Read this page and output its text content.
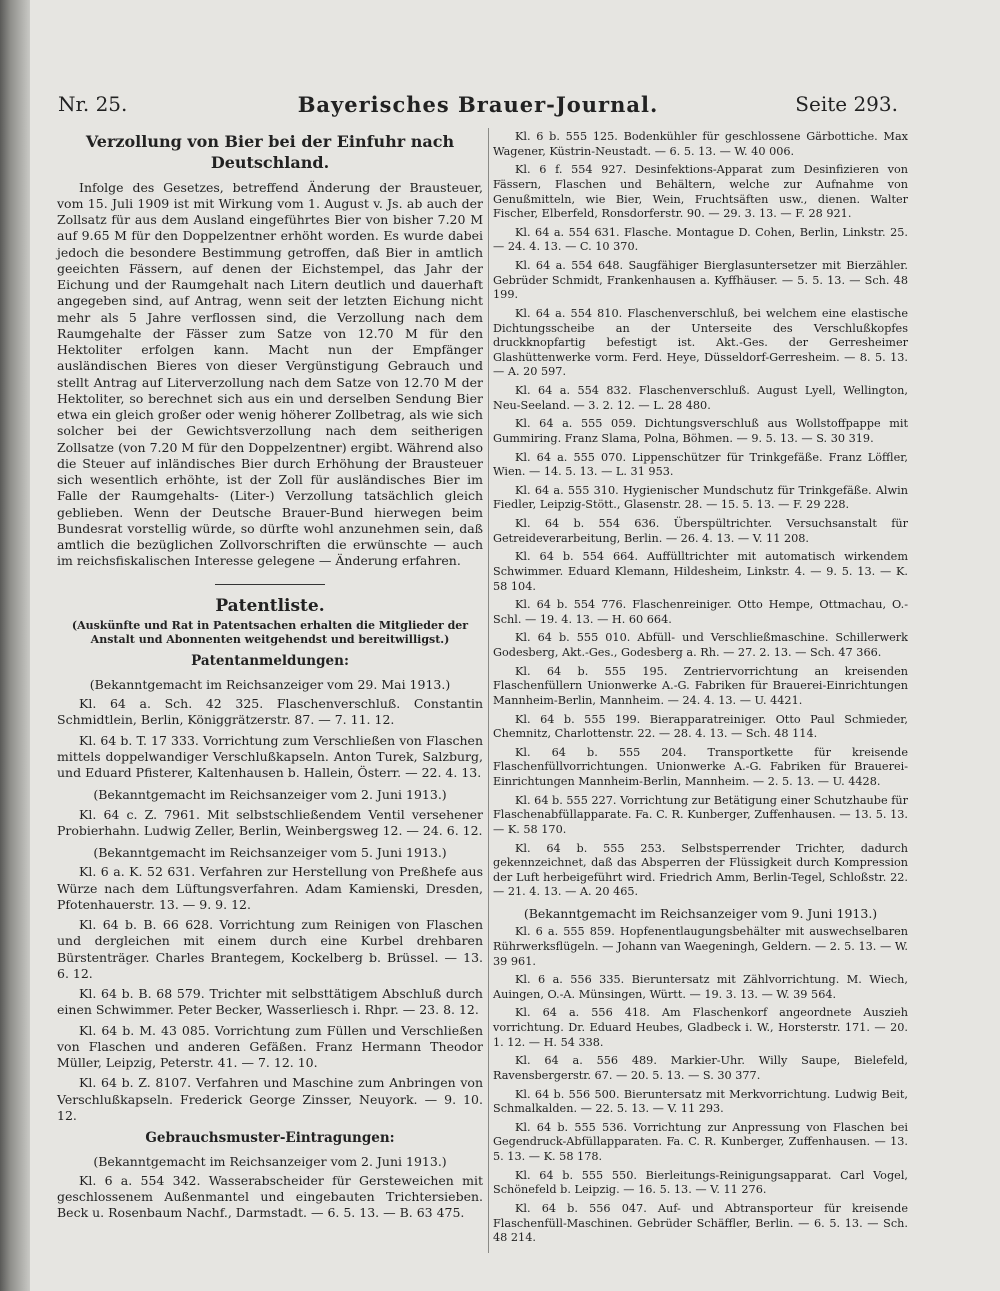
Nr. 25.	Bayerisches Brauer-Journal.	Seite 293.
Verzollung von Bier bei der Einfuhr nach Deutschland.

Infolge des Gesetzes, betreffend Änderung der Brausteuer, vom 15. Juli 1909 ist mit Wirkung vom 1. August v. Js. ab auch der Zollsatz für aus dem Ausland eingeführtes Bier von bisher 7.20 M auf 9.65 M für den Doppelzentner erhöht worden. Es wurde dabei jedoch die besondere Bestimmung getroffen, daß Bier in amtlich geeichten Fässern, auf denen der Eichstempel, das Jahr der Eichung und der Raumgehalt nach Litern deutlich und dauerhaft angegeben sind, auf Antrag, wenn seit der letzten Eichung nicht mehr als 5 Jahre verflossen sind, die Verzollung nach dem Raumgehalte der Fässer zum Satze von 12.70 M für den Hektoliter erfolgen kann. Macht nun der Empfänger ausländischen Bieres von dieser Vergünstigung Gebrauch und stellt Antrag auf Literverzollung nach dem Satze von 12.70 M der Hektoliter, so berechnet sich aus ein und derselben Sendung Bier etwa ein gleich großer oder wenig höherer Zollbetrag, als wie sich solcher bei der Gewichtsverzollung nach dem seitherigen Zollsatze (von 7.20 M für den Doppelzentner) ergibt. Während also die Steuer auf inländisches Bier durch Erhöhung der Brausteuer sich wesentlich erhöhte, ist der Zoll für ausländisches Bier im Falle der Raumgehalts- (Liter-) Verzollung tatsächlich gleich geblieben. Wenn der Deutsche Brauer-Bund hierwegen beim Bundesrat vorstellig würde, so dürfte wohl anzunehmen sein, daß amtlich die bezüglichen Zollvorschriften die erwünschte — auch im reichsfiskalischen Interesse gelegene — Änderung erfahren.

Patentliste.
(Auskünfte und Rat in Patentsachen erhalten die Mitglieder der Anstalt und Abonnenten weitgehendst und bereitwilligst.)
Patentanmeldungen:
(Bekanntgemacht im Reichsanzeiger vom 29. Mai 1913.)

Kl. 64 a. Sch. 42 325. Flaschenverschluß. Constantin Schmidtlein, Berlin, Königgrätzerstr. 87. — 7. 11. 12.

Kl. 64 b. T. 17 333. Vorrichtung zum Verschließen von Flaschen mittels doppelwandiger Verschlußkapseln. Anton Turek, Salzburg, und Eduard Pfisterer, Kaltenhausen b. Hallein, Österr. — 22. 4. 13.

(Bekanntgemacht im Reichsanzeiger vom 2. Juni 1913.)

Kl. 64 c. Z. 7961. Mit selbstschließendem Ventil versehener Probierhahn. Ludwig Zeller, Berlin, Weinbergsweg 12. — 24. 6. 12.

(Bekanntgemacht im Reichsanzeiger vom 5. Juni 1913.)

Kl. 6 a. K. 52 631. Verfahren zur Herstellung von Preßhefe aus Würze nach dem Lüftungsverfahren. Adam Kamienski, Dresden, Pfotenhauerstr. 13. — 9. 9. 12.

Kl. 64 b. B. 66 628. Vorrichtung zum Reinigen von Flaschen und dergleichen mit einem durch eine Kurbel drehbaren Bürstenträger. Charles Brantegem, Kockelberg b. Brüssel. — 13. 6. 12.

Kl. 64 b. B. 68 579. Trichter mit selbsttätigem Abschluß durch einen Schwimmer. Peter Becker, Wasserliesch i. Rhpr. — 23. 8. 12.

Kl. 64 b. M. 43 085. Vorrichtung zum Füllen und Verschließen von Flaschen und anderen Gefäßen. Franz Hermann Theodor Müller, Leipzig, Peterstr. 41. — 7. 12. 10.

Kl. 64 b. Z. 8107. Verfahren und Maschine zum Anbringen von Verschlußkapseln. Frederick George Zinsser, Neuyork. — 9. 10. 12.

Gebrauchsmuster-Eintragungen:
(Bekanntgemacht im Reichsanzeiger vom 2. Juni 1913.)

Kl. 6 a. 554 342. Wasserabscheider für Gersteweichen mit geschlossenem Außenmantel und eingebauten Trichtersieben. Beck u. Rosenbaum Nachf., Darmstadt. — 6. 5. 13. — B. 63 475.

Kl. 6 b. 555 125. Bodenkühler für geschlossene Gärbottiche. Max Wagener, Küstrin-Neustadt. — 6. 5. 13. — W. 40 006.

Kl. 6 f. 554 927. Desinfektions-Apparat zum Desinfizieren von Fässern, Flaschen und Behältern, welche zur Aufnahme von Genußmitteln, wie Bier, Wein, Fruchtsäften usw., dienen. Walter Fischer, Elberfeld, Ronsdorferstr. 90. — 29. 3. 13. — F. 28 921.

Kl. 64 a. 554 631. Flasche. Montague D. Cohen, Berlin, Linkstr. 25. — 24. 4. 13. — C. 10 370.

Kl. 64 a. 554 648. Saugfähiger Bierglasuntersetzer mit Bierzähler. Gebrüder Schmidt, Frankenhausen a. Kyffhäuser. — 5. 5. 13. — Sch. 48 199.

Kl. 64 a. 554 810. Flaschenverschluß, bei welchem eine elastische Dichtungsscheibe an der Unterseite des Verschlußkopfes druckknopfartig befestigt ist. Akt.-Ges. der Gerresheimer Glashüttenwerke vorm. Ferd. Heye, Düsseldorf-Gerresheim. — 8. 5. 13. — A. 20 597.

Kl. 64 a. 554 832. Flaschenverschluß. August Lyell, Wellington, Neu-Seeland. — 3. 2. 12. — L. 28 480.

Kl. 64 a. 555 059. Dichtungsverschluß aus Wollstoffpappe mit Gummiring. Franz Slama, Polna, Böhmen. — 9. 5. 13. — S. 30 319.

Kl. 64 a. 555 070. Lippenschützer für Trinkgefäße. Franz Löffler, Wien. — 14. 5. 13. — L. 31 953.

Kl. 64 a. 555 310. Hygienischer Mundschutz für Trinkgefäße. Alwin Fiedler, Leipzig-Stött., Glasenstr. 28. — 15. 5. 13. — F. 29 228.

Kl. 64 b. 554 636. Überspültrichter. Versuchsanstalt für Getreideverarbeitung, Berlin. — 26. 4. 13. — V. 11 208.

Kl. 64 b. 554 664. Auffülltrichter mit automatisch wirkendem Schwimmer. Eduard Klemann, Hildesheim, Linkstr. 4. — 9. 5. 13. — K. 58 104.

Kl. 64 b. 554 776. Flaschenreiniger. Otto Hempe, Ottmachau, O.-Schl. — 19. 4. 13. — H. 60 664.

Kl. 64 b. 555 010. Abfüll- und Verschließmaschine. Schillerwerk Godesberg, Akt.-Ges., Godesberg a. Rh. — 27. 2. 13. — Sch. 47 366.

Kl. 64 b. 555 195. Zentriervorrichtung an kreisenden Flaschenfüllern Unionwerke A.-G. Fabriken für Brauerei-Einrichtungen Mannheim-Berlin, Mannheim. — 24. 4. 13. — U. 4421.

Kl. 64 b. 555 199. Bierapparatreiniger. Otto Paul Schmieder, Chemnitz, Charlottenstr. 22. — 28. 4. 13. — Sch. 48 114.

Kl. 64 b. 555 204. Transportkette für kreisende Flaschenfüllvorrichtungen. Unionwerke A.-G. Fabriken für Brauerei-Einrichtungen Mannheim-Berlin, Mannheim. — 2. 5. 13. — U. 4428.

Kl. 64 b. 555 227. Vorrichtung zur Betätigung einer Schutzhaube für Flaschenabfüllapparate. Fa. C. R. Kunberger, Zuffenhausen. — 13. 5. 13. — K. 58 170.

Kl. 64 b. 555 253. Selbstsperrender Trichter, dadurch gekennzeichnet, daß das Absperren der Flüssigkeit durch Kompression der Luft herbeigeführt wird. Friedrich Amm, Berlin-Tegel, Schloßstr. 22. — 21. 4. 13. — A. 20 465.

(Bekanntgemacht im Reichsanzeiger vom 9. Juni 1913.)

Kl. 6 a. 555 859. Hopfenentlaugungsbehälter mit auswechselbaren Rührwerksflügeln. — Johann van Waegeningh, Geldern. — 2. 5. 13. — W. 39 961.

Kl. 6 a. 556 335. Bieruntersatz mit Zählvorrichtung. M. Wiech, Auingen, O.-A. Münsingen, Württ. — 19. 3. 13. — W. 39 564.

Kl. 64 a. 556 418. Am Flaschenkorf angeordnete Auszieh vorrichtung. Dr. Eduard Heubes, Gladbeck i. W., Horsterstr. 171. — 20. 1. 12. — H. 54 338.

Kl. 64 a. 556 489. Markier-Uhr. Willy Saupe, Bielefeld, Ravensbergerstr. 67. — 20. 5. 13. — S. 30 377.

Kl. 64 b. 556 500. Bieruntersatz mit Merkvorrichtung. Ludwig Beit, Schmalkalden. — 22. 5. 13. — V. 11 293.

Kl. 64 b. 555 536. Vorrichtung zur Anpressung von Flaschen bei Gegendruck-Abfüllapparaten. Fa. C. R. Kunberger, Zuffenhausen. — 13. 5. 13. — K. 58 178.

Kl. 64 b. 555 550. Bierleitungs-Reinigungsapparat. Carl Vogel, Schönefeld b. Leipzig. — 16. 5. 13. — V. 11 276.

Kl. 64 b. 556 047. Auf- und Abtransporteur für kreisende Flaschenfüll-Maschinen. Gebrüder Schäffler, Berlin. — 6. 5. 13. — Sch. 48 214.
